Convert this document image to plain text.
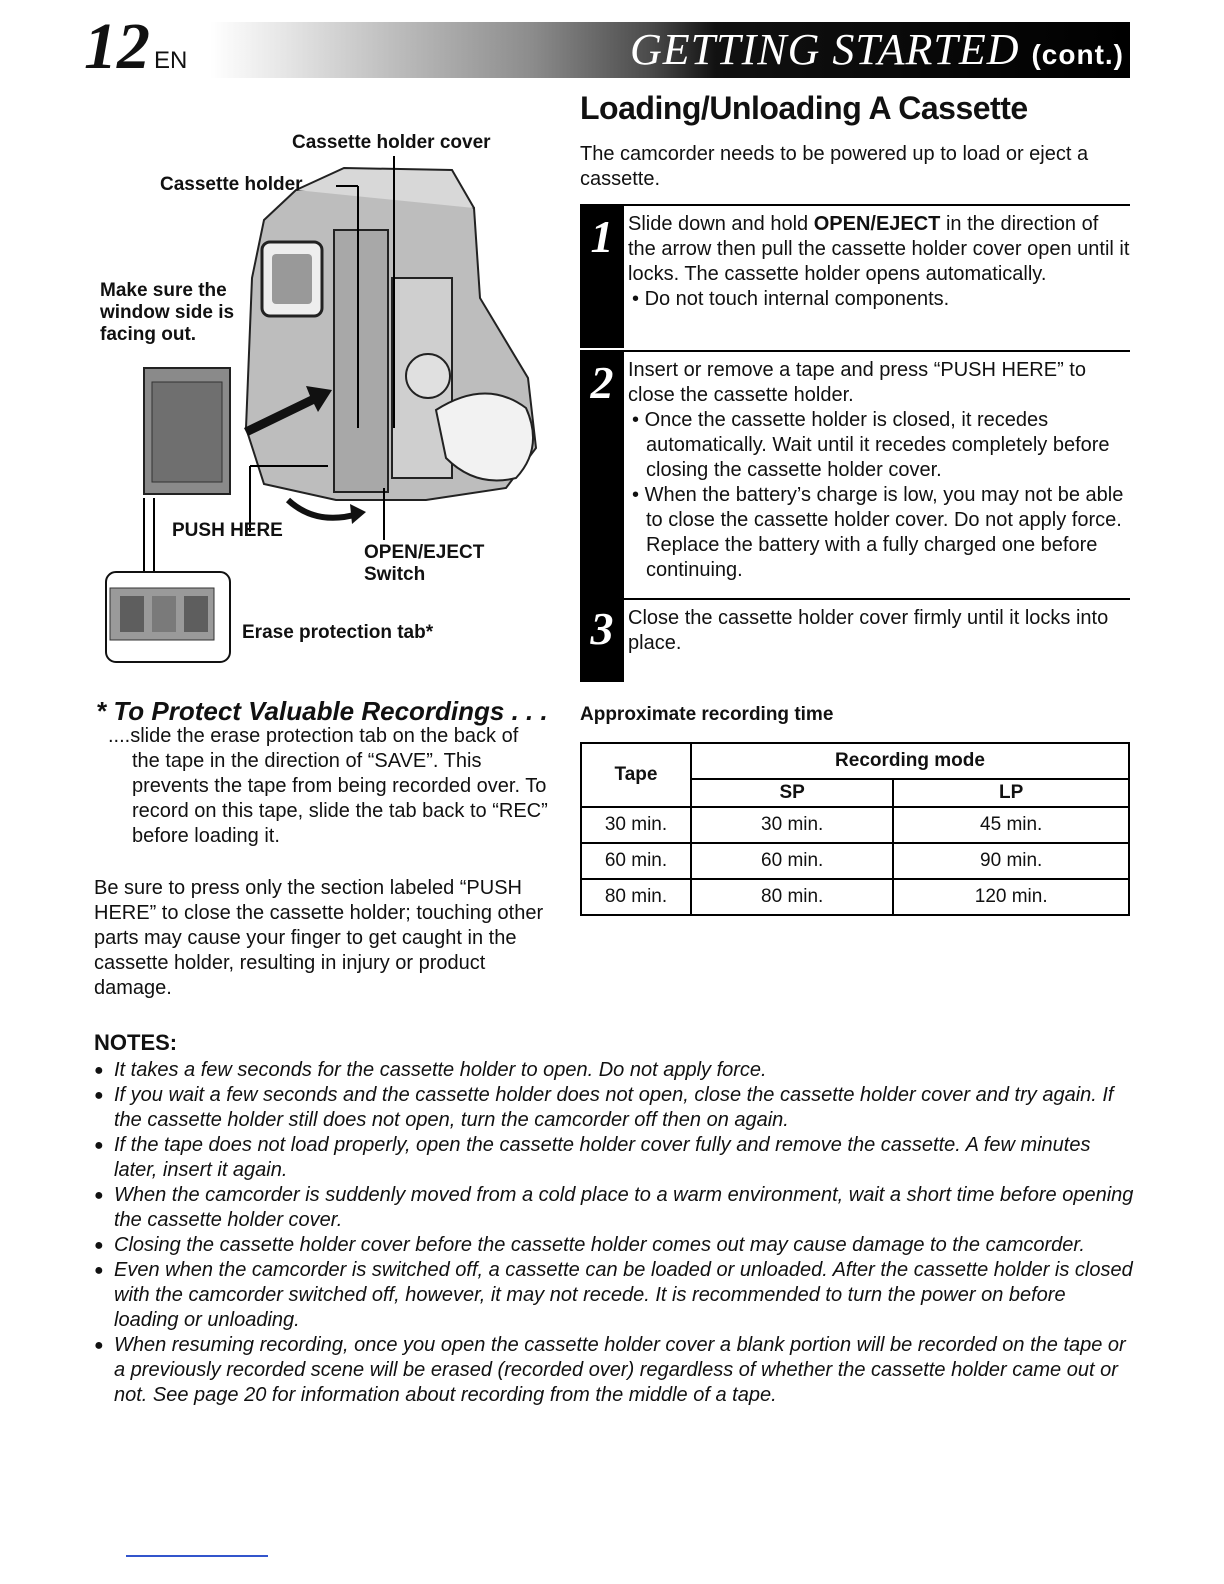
12 EN	GETTING STARTED (cont.)
Cassette holder cover
Cassette holder
Make sure the
window side is
facing out.
PUSH HERE
OPEN/EJECT
Switch
Erase protection tab*
Loading/Unloading A Cassette
The camcorder needs to be powered up to load or eject a cassette.
1 Slide down and hold OPEN/EJECT in the direction of the arrow then pull the cassette holder cover open until it locks. The cassette holder opens automatically.
• Do not touch internal components.
2 Insert or remove a tape and press “PUSH HERE” to close the cassette holder.
• Once the cassette holder is closed, it recedes automatically. Wait until it recedes completely before closing the cassette holder cover.
• When the battery’s charge is low, you may not be able to close the cassette holder cover. Do not apply force. Replace the battery with a fully charged one before continuing.
3 Close the cassette holder cover firmly until it locks into place.
Approximate recording time
Tape	Recording mode	
	SP	LP
30 min.	30 min.	45 min.
60 min.	60 min.	90 min.
80 min.	80 min.	120 min.
* To Protect Valuable Recordings . . .
....slide the erase protection tab on the back of the tape in the direction of “SAVE”. This prevents the tape from being recorded over. To record on this tape, slide the tab back to “REC” before loading it.
Be sure to press only the section labeled “PUSH HERE” to close the cassette holder; touching other parts may cause your finger to get caught in the cassette holder, resulting in injury or product damage.
NOTES:
● It takes a few seconds for the cassette holder to open. Do not apply force.
● If you wait a few seconds and the cassette holder does not open, close the cassette holder cover and try again. If the cassette holder still does not open, turn the camcorder off then on again.
● If the tape does not load properly, open the cassette holder cover fully and remove the cassette. A few minutes later, insert it again.
● When the camcorder is suddenly moved from a cold place to a warm environment, wait a short time before opening the cassette holder cover.
● Closing the cassette holder cover before the cassette holder comes out may cause damage to the camcorder.
● Even when the camcorder is switched off, a cassette can be loaded or unloaded. After the cassette holder is closed with the camcorder switched off, however, it may not recede. It is recommended to turn the power on before loading or unloading.
● When resuming recording, once you open the cassette holder cover a blank portion will be recorded on the tape or a previously recorded scene will be erased (recorded over) regardless of whether the cassette holder came out or not. See page 20 for information about recording from the middle of a tape.
